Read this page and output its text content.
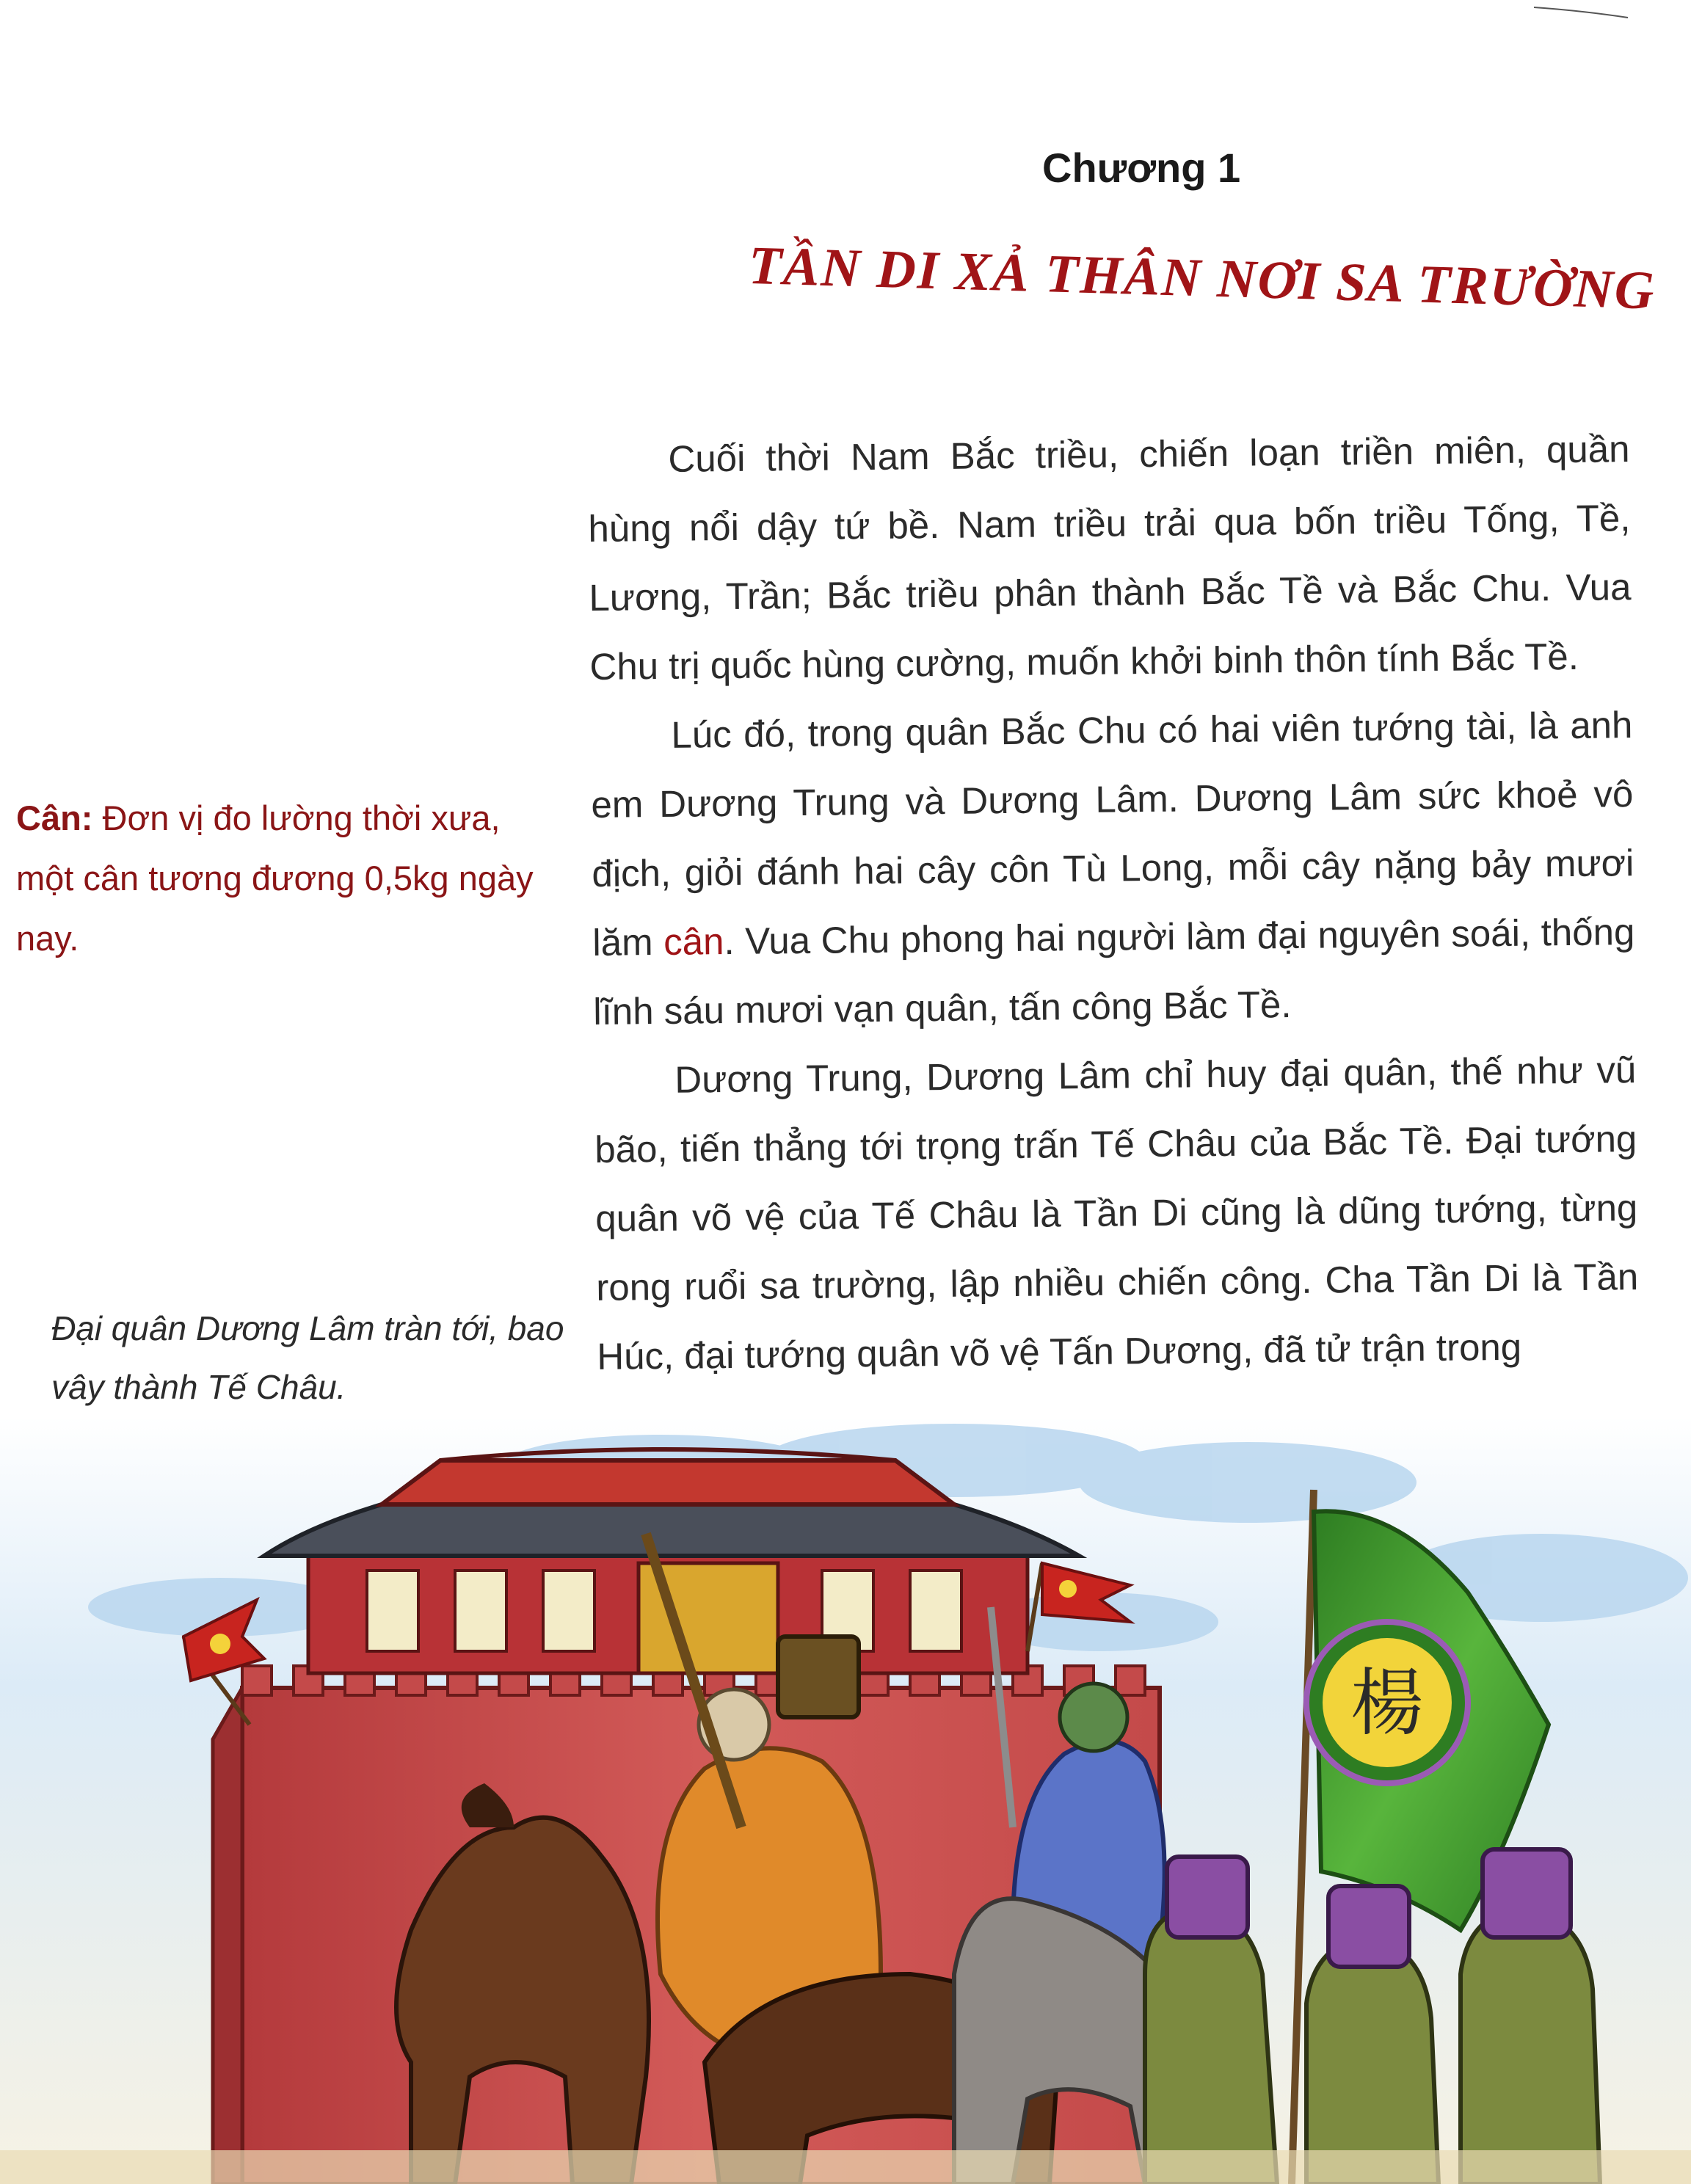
Chương 1
TẦN DI XẢ THÂN NƠI SA TRƯỜNG

Cuối thời Nam Bắc triều, chiến loạn triền miên, quần hùng nổi dậy tứ bề. Nam triều trải qua bốn triều Tống, Tề, Lương, Trần; Bắc triều phân thành Bắc Tề và Bắc Chu. Vua Chu trị quốc hùng cường, muốn khởi binh thôn tính Bắc Tề.

Lúc đó, trong quân Bắc Chu có hai viên tướng tài, là anh em Dương Trung và Dương Lâm. Dương Lâm sức khoẻ vô địch, giỏi đánh hai cây côn Tù Long, mỗi cây nặng bảy mươi lăm cân. Vua Chu phong hai người làm đại nguyên soái, thống lĩnh sáu mươi vạn quân, tấn công Bắc Tề.

Dương Trung, Dương Lâm chỉ huy đại quân, thế như vũ bão, tiến thẳng tới trọng trấn Tế Châu của Bắc Tề. Đại tướng quân võ vệ của Tế Châu là Tần Di cũng là dũng tướng, từng rong ruổi sa trường, lập nhiều chiến công. Cha Tần Di là Tần Húc, đại tướng quân võ vệ Tấn Dương, đã tử trận trong

Cân: Đơn vị đo lường thời xưa,
một cân tương đương 0,5kg ngày nay.
Đại quân Dương Lâm tràn tới, bao vây thành Tế Châu.
楊
